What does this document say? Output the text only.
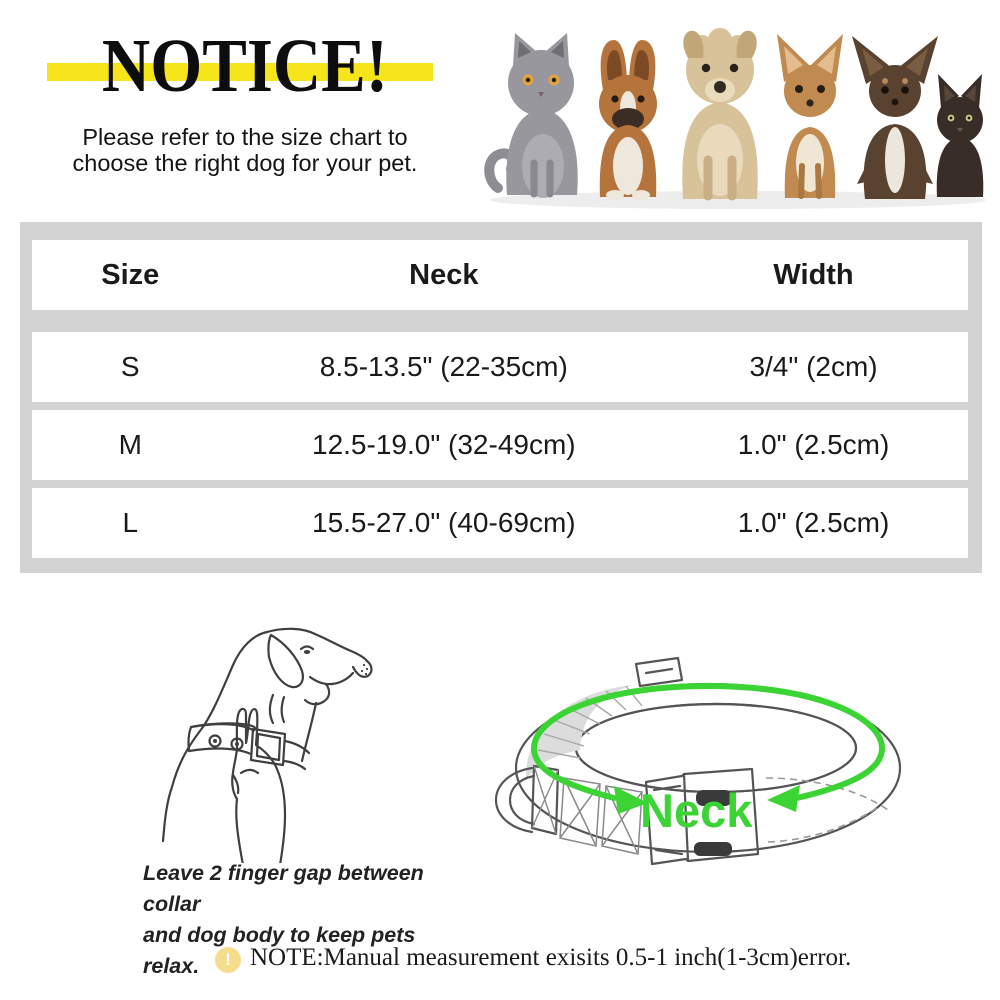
NOTICE!
Please refer to the size chart to
choose the right dog for your pet.
Size	Neck	Width
S	8.5-13.5" (22-35cm)	3/4" (2cm)
M	12.5-19.0" (32-49cm)	1.0" (2.5cm)
L	15.5-27.0" (40-69cm)	1.0" (2.5cm)
Leave 2 finger gap between collar
and dog body to keep pets relax.
Neck
! NOTE:Manual measurement exisits 0.5-1 inch(1-3cm)error.
